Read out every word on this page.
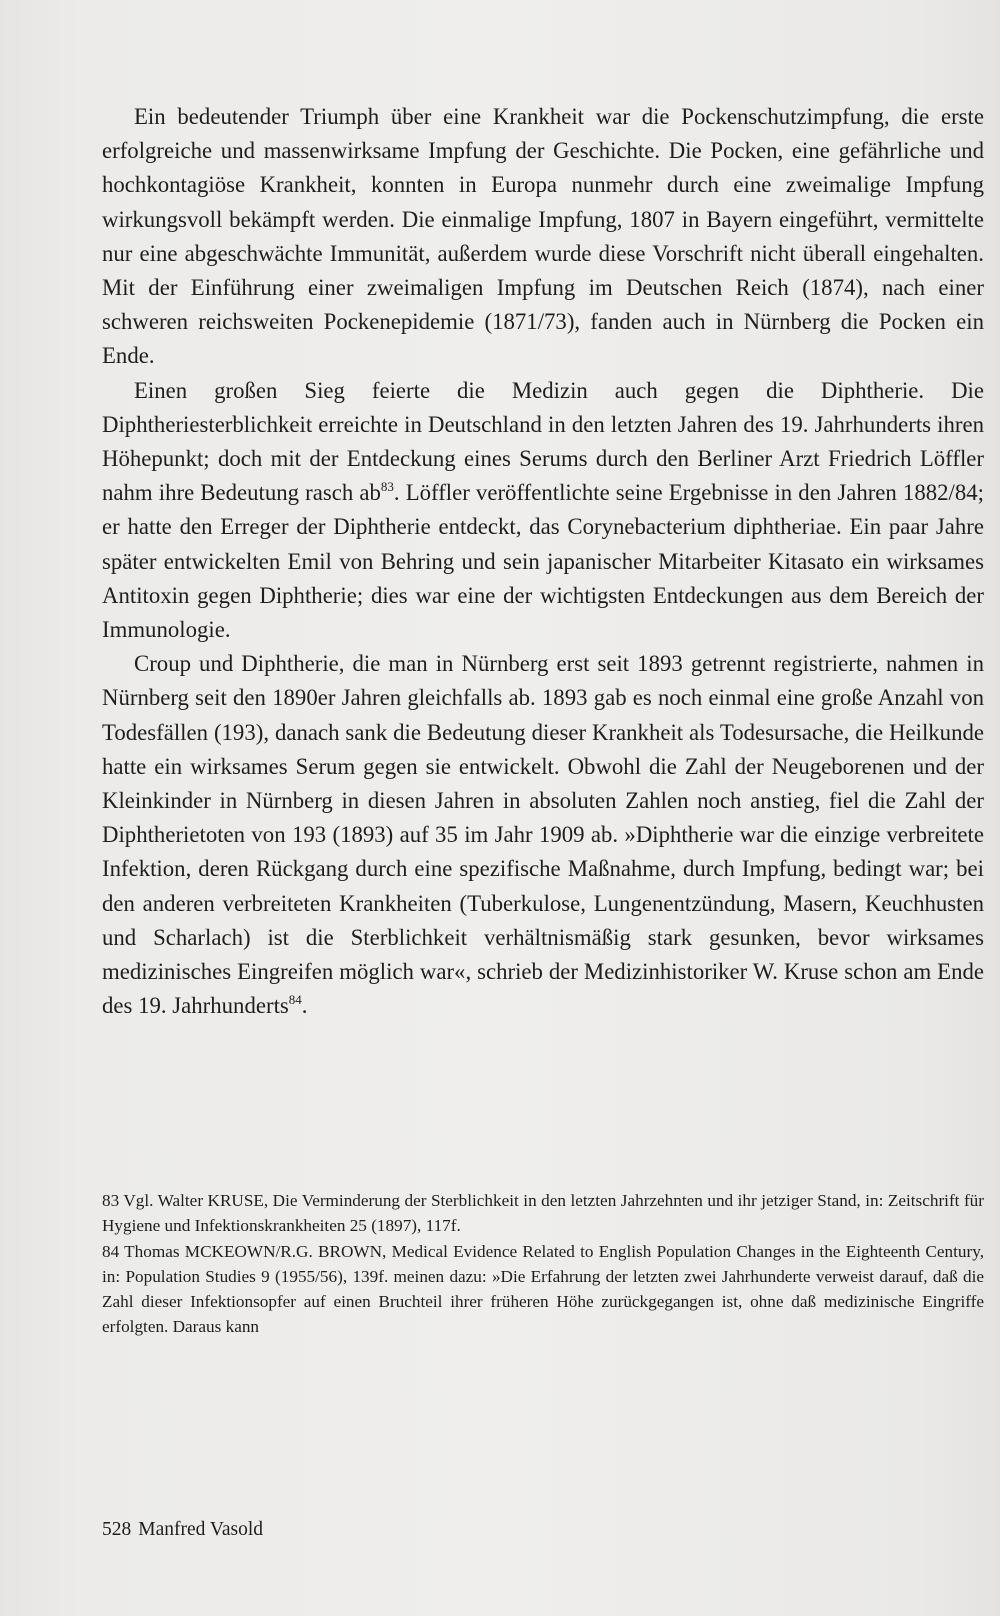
Ein bedeutender Triumph über eine Krankheit war die Pockenschutzimpfung, die erste erfolgreiche und massenwirksame Impfung der Geschichte. Die Pocken, eine gefährliche und hochkontagiöse Krankheit, konnten in Europa nunmehr durch eine zweimalige Impfung wirkungsvoll bekämpft werden. Die einmalige Impfung, 1807 in Bayern eingeführt, vermittelte nur eine abgeschwächte Immunität, außerdem wurde diese Vorschrift nicht überall eingehalten. Mit der Einführung einer zweimaligen Impfung im Deutschen Reich (1874), nach einer schweren reichsweiten Pockenepidemie (1871/73), fanden auch in Nürnberg die Pocken ein Ende.

Einen großen Sieg feierte die Medizin auch gegen die Diphtherie. Die Diphtheriesterblichkeit erreichte in Deutschland in den letzten Jahren des 19. Jahrhunderts ihren Höhepunkt; doch mit der Entdeckung eines Serums durch den Berliner Arzt Friedrich Löffler nahm ihre Bedeutung rasch $ab^{83}$. Löffler veröffentlichte seine Ergebnisse in den Jahren 1882/84; er hatte den Erreger der Diphtherie entdeckt, das Corynebacterium diphtheriae. Ein paar Jahre später entwickelten Emil von Behring und sein japanischer Mitarbeiter Kitasato ein wirksames Antitoxin gegen Diphtherie; dies war eine der wichtigsten Entdeckungen aus dem Bereich der Immunologie.

Croup und Diphtherie, die man in Nürnberg erst seit 1893 getrennt registrierte, nahmen in Nürnberg seit den 1890er Jahren gleichfalls ab. 1893 gab es noch einmal eine große Anzahl von Todesfällen (193), danach sank die Bedeutung dieser Krankheit als Todesursache, die Heilkunde hatte ein wirksames Serum gegen sie entwickelt. Obwohl die Zahl der Neugeborenen und der Kleinkinder in Nürnberg in diesen Jahren in absoluten Zahlen noch anstieg, fiel die Zahl der Diphtherietoten von 193 (1893) auf 35 im Jahr 1909 ab. »Diphtherie war die einzige verbreitete Infektion, deren Rückgang durch eine spezifische Maßnahme, durch Impfung, bedingt war; bei den anderen verbreiteten Krankheiten (Tuberkulose, Lungenentzündung, Masern, Keuchhusten und Scharlach) ist die Sterblichkeit verhältnismäßig stark gesunken, bevor wirksames medizinisches Eingreifen möglich war«, schrieb der Medizinhistoriker W. Kruse schon am Ende des 19. Jahrhunderts$^{84}$.

83 Vgl. Walter KRUSE, Die Verminderung der Sterblichkeit in den letzten Jahrzehnten und ihr jetziger Stand, in: Zeitschrift für Hygiene und Infektionskrankheiten 25 (1897), 117f.

84 Thomas MCKEOWN/R.G. BROWN, Medical Evidence Related to English Population Changes in the Eighteenth Century, in: Population Studies 9 (1955/56), 139f. meinen dazu: »Die Erfahrung der letzten zwei Jahrhunderte verweist darauf, daß die Zahl dieser Infektionsopfer auf einen Bruchteil ihrer früheren Höhe zurückgegangen ist, ohne daß medizinische Eingriffe erfolgten. Daraus kann

528 Manfred Vasold
